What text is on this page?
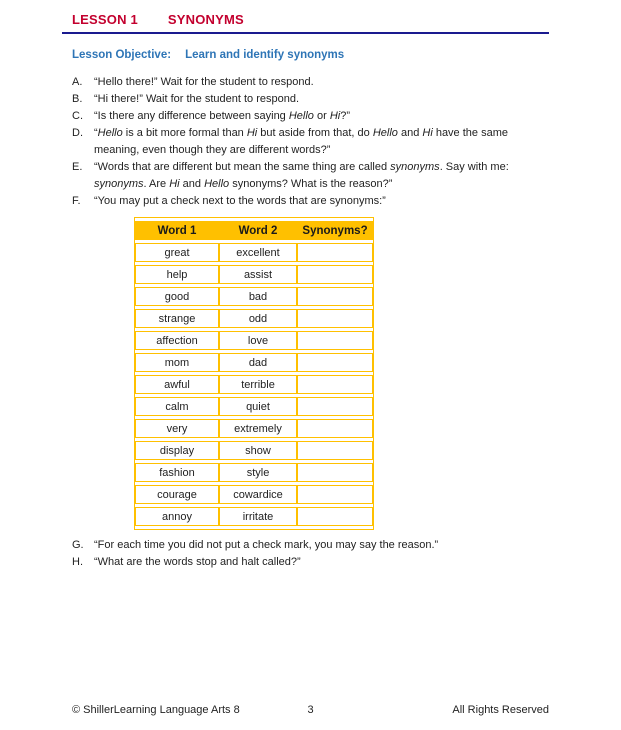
LESSON 1 SYNONYMS
Lesson Objective: Learn and identify synonyms
A.	“Hello there!” Wait for the student to respond.
B.	“Hi there!” Wait for the student to respond.
C.	“Is there any difference between saying Hello or Hi?”
D.	“Hello is a bit more formal than Hi but aside from that, do Hello and Hi have the same meaning, even though they are different words?”
E.	“Words that are different but mean the same thing are called synonyms. Say with me: synonyms. Are Hi and Hello synonyms? What is the reason?”
F.	“You may put a check next to the words that are synonyms:”
Word 1	Word 2	Synonyms?
great	excellent	
help	assist	
good	bad	
strange	odd	
affection	love	
mom	dad	
awful	terrible	
calm	quiet	
very	extremely	
display	show	
fashion	style	
courage	cowardice	
annoy	irritate	
G. “For each time you did not put a check mark, you may say the reason.”
H.	“What are the words stop and halt called?”
© ShillerLearning Language Arts 8	3	All Rights Reserved
